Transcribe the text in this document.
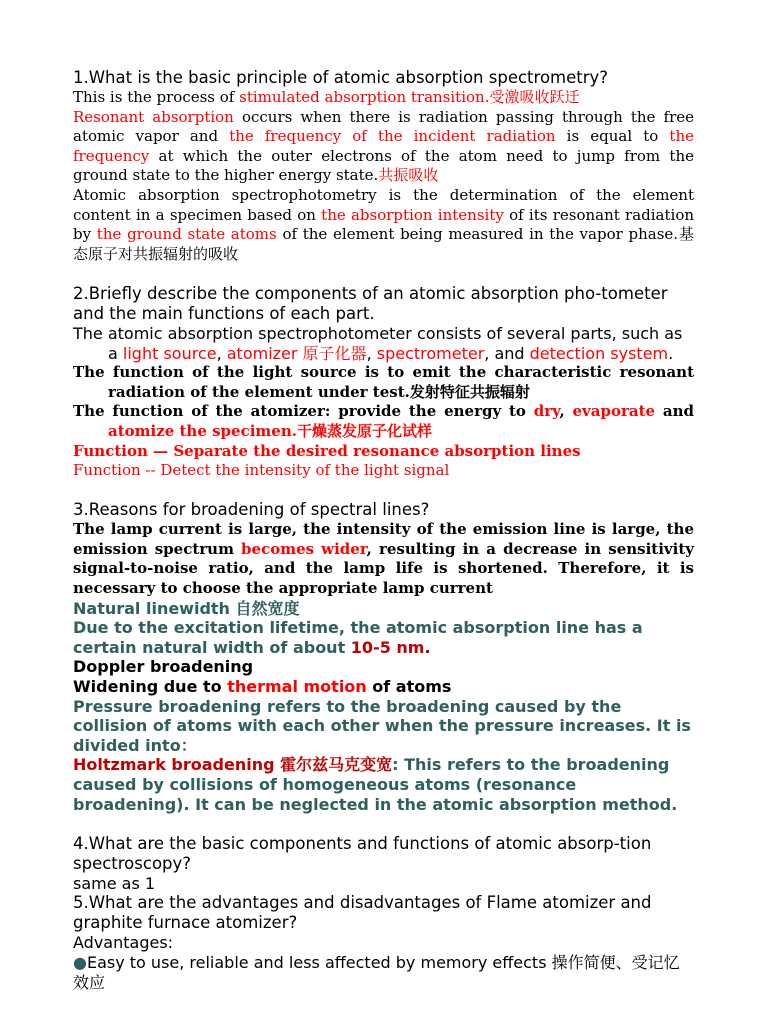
1.What is the basic principle of atomic absorption spectrometry?

This is the process of stimulated absorption transition.受激吸收跃迁

Resonant absorption occurs when there is radiation passing through the free atomic vapor and the frequency of the incident radiation is equal to the frequency at which the outer electrons of the atom need to jump from the ground state to the higher energy state.共振吸收

Atomic absorption spectrophotometry is the determination of the element content in a specimen based on the absorption intensity of its resonant radiation by the ground state atoms of the element being measured in the vapor phase.基态原子对共振辐射的吸收

2.Briefly describe the components of an atomic absorption pho-tometer and the main functions of each part.

The atomic absorption spectrophotometer consists of several parts, such as a light source, atomizer 原子化器, spectrometer, and detection system.

The function of the light source is to emit the characteristic resonant radiation of the element under test.发射特征共振辐射

The function of the atomizer: provide the energy to dry, evaporate and atomize the specimen.干燥蒸发原子化试样

Function — Separate the desired resonance absorption lines

Function -- Detect the intensity of the light signal

3.Reasons for broadening of spectral lines?

The lamp current is large, the intensity of the emission line is large, the emission spectrum becomes wider, resulting in a decrease in sensitivity signal-to-noise ratio, and the lamp life is shortened. Therefore, it is necessary to choose the appropriate lamp current

Natural linewidth 自然宽度

Due to the excitation lifetime, the atomic absorption line has a certain natural width of about 10-5 nm.

Doppler broadening

Widening due to thermal motion of atoms

Pressure broadening refers to the broadening caused by the collision of atoms with each other when the pressure increases. It is divided into：

Holtzmark broadening 霍尔兹马克变宽: This refers to the broadening caused by collisions of homogeneous atoms (resonance broadening). It can be neglected in the atomic absorption method.

4.What are the basic components and functions of atomic absorp-tion spectroscopy?

same as 1

5.What are the advantages and disadvantages of Flame atomizer and graphite furnace atomizer?

Advantages:

●Easy to use, reliable and less affected by memory effects 操作简便、受记忆效应
